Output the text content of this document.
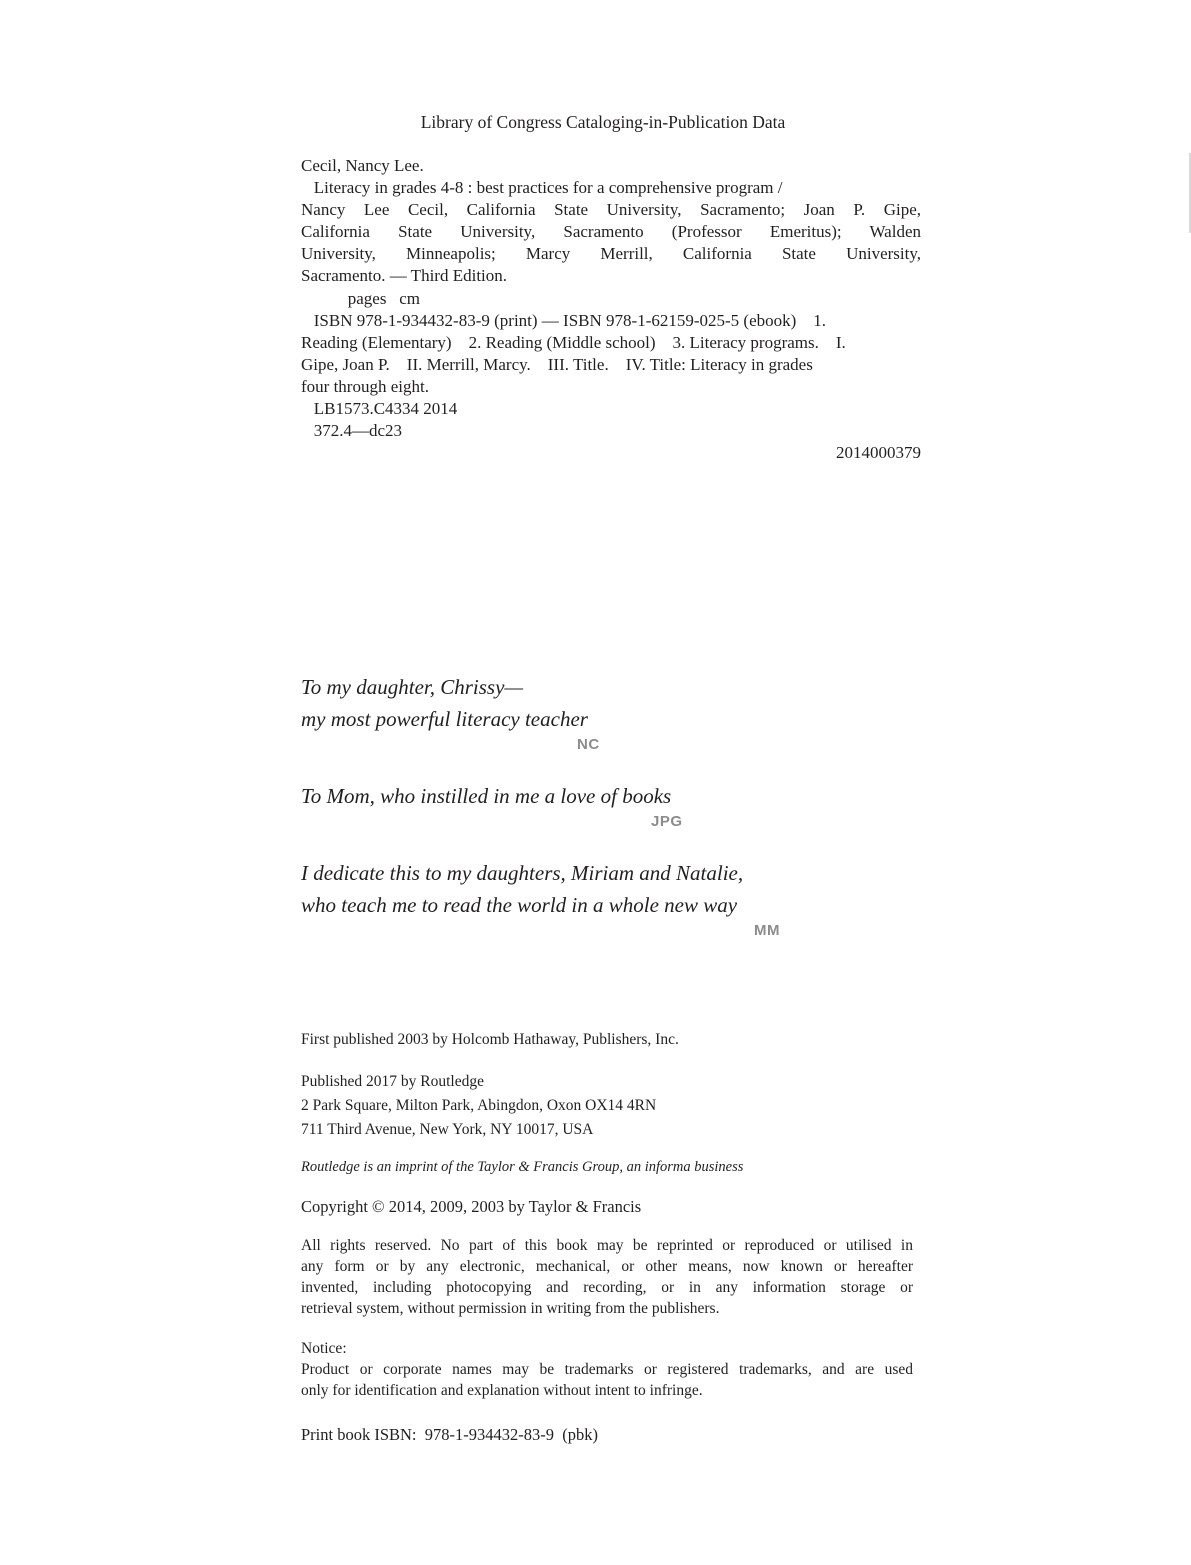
Library of Congress Cataloging-in-Publication Data

Cecil, Nancy Lee.
Literacy in grades 4-8 : best practices for a comprehensive program /
Nancy Lee Cecil, California State University, Sacramento; Joan P. Gipe,
California State University, Sacramento (Professor Emeritus); Walden
University, Minneapolis; Marcy Merrill, California State University,
Sacramento. — Third Edition.
pages   cm
ISBN 978-1-934432-83-9 (print) — ISBN 978-1-62159-025-5 (ebook)    1.
Reading (Elementary)    2. Reading (Middle school)    3. Literacy programs.    I.
Gipe, Joan P.    II. Merrill, Marcy.    III. Title.    IV. Title: Literacy in grades
four through eight.
LB1573.C4334 2014
372.4—dc23
2014000379
To my daughter, Chrissy—
my most powerful literacy teacher
NC
To Mom, who instilled in me a love of books
JPG
I dedicate this to my daughters, Miriam and Natalie,
who teach me to read the world in a whole new way
MM
First published 2003 by Holcomb Hathaway, Publishers, Inc.
Published 2017 by Routledge
2 Park Square, Milton Park, Abingdon, Oxon OX14 4RN
711 Third Avenue, New York, NY 10017, USA
Routledge is an imprint of the Taylor & Francis Group, an informa business
Copyright © 2014, 2009, 2003 by Taylor & Francis
All rights reserved. No part of this book may be reprinted or reproduced or utilised in
any form or by any electronic, mechanical, or other means, now known or hereafter
invented, including photocopying and recording, or in any information storage or
retrieval system, without permission in writing from the publishers.
Notice:
Product or corporate names may be trademarks or registered trademarks, and are used
only for identification and explanation without intent to infringe.
Print book ISBN:  978-1-934432-83-9  (pbk)
